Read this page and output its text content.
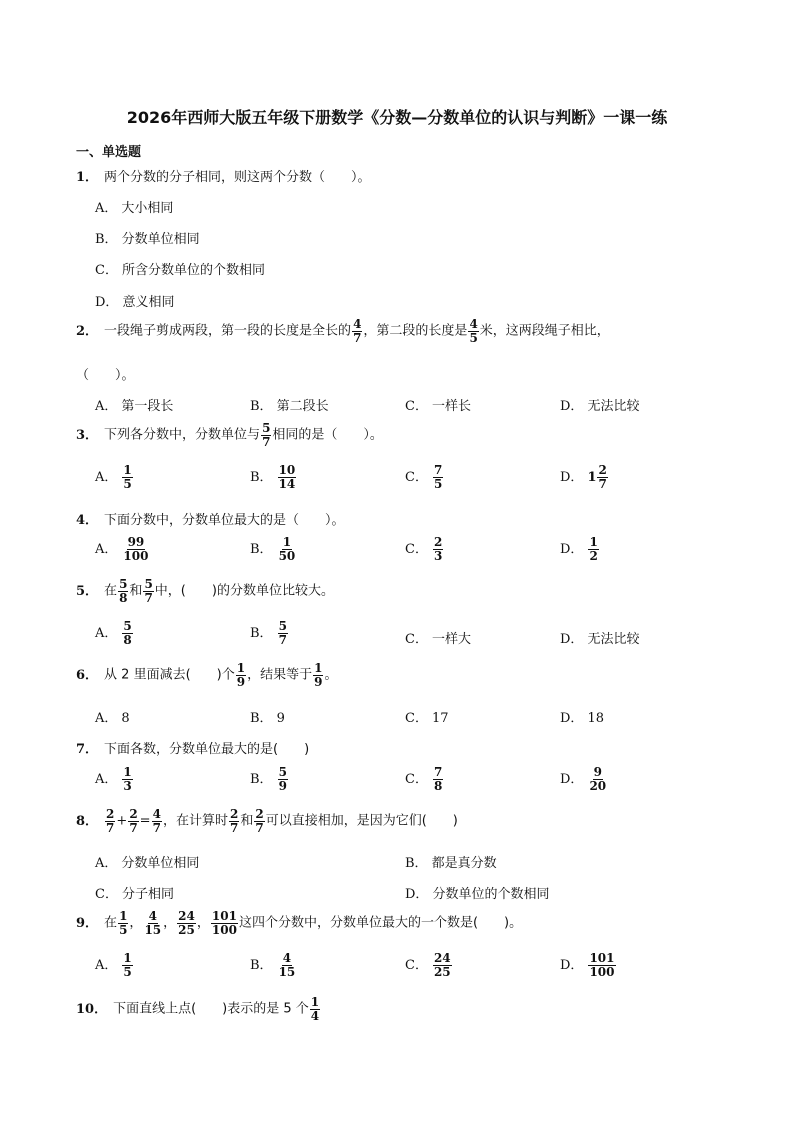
2026年西师大版五年级下册数学《分数—分数单位的认识与判断》一课一练
一、单选题
1． 两个分数的分子相同，则这两个分数（　　）。
A． 大小相同
B． 分数单位相同
C． 所含分数单位的个数相同
D． 意义相同
2． 一段绳子剪成两段，第一段的长度是全长的 $\frac{4}{7}$ ，第二段的长度是 $\frac{4}{5}$ 米，这两段绳子相比，
（　　）。
A． 第一段长	B． 第二段长	C． 一样长	D． 无法比较
3． 下列各分数中，分数单位与 $\frac{5}{7}$ 相同的是（　　）。
A． $\frac{1}{5}$	B． $\frac{10}{14}$	C． $\frac{7}{5}$	D． $1 \frac{2}{7}$
4． 下面分数中，分数单位最大的是（　　）。
A． $\frac{99}{100}$	B． $\frac{1}{50}$	C． $\frac{2}{3}$	D． $\frac{1}{2}$
5． 在 $\frac{5}{8}$ 和 $\frac{5}{7}$ 中，(　　)的分数单位比较大。
A． $\frac{5}{8}$	B． $\frac{5}{7}$	C． 一样大	D． 无法比较
6． 从 2 里面减去(　　)个 $\frac{1}{9}$ ，结果等于 $\frac{1}{9}$ 。
A． 8	B． 9	C． 17	D． 18
7． 下面各数，分数单位最大的是(　　)
A． $\frac{1}{3}$	B． $\frac{5}{9}$	C． $\frac{7}{8}$	D． $\frac{9}{20}$
8． $\frac{2}{7} + \frac{2}{7} = \frac{4}{7}$ ，在计算时 $\frac{2}{7}$ 和 $\frac{2}{7}$ 可以直接相加，是因为它们(　　)
A． 分数单位相同	B． 都是真分数
C． 分子相同	D． 分数单位的个数相同
9． 在 $\frac{1}{5}$ ， $\frac{4}{15}$ ， $\frac{24}{25}$ ， $\frac{101}{100}$ 这四个分数中，分数单位最大的一个数是(　　)。
A． $\frac{1}{5}$	B． $\frac{4}{15}$	C． $\frac{24}{25}$	D． $\frac{101}{100}$
10． 下面直线上点(　　)表示的是 5 个 $\frac{1}{4}$
